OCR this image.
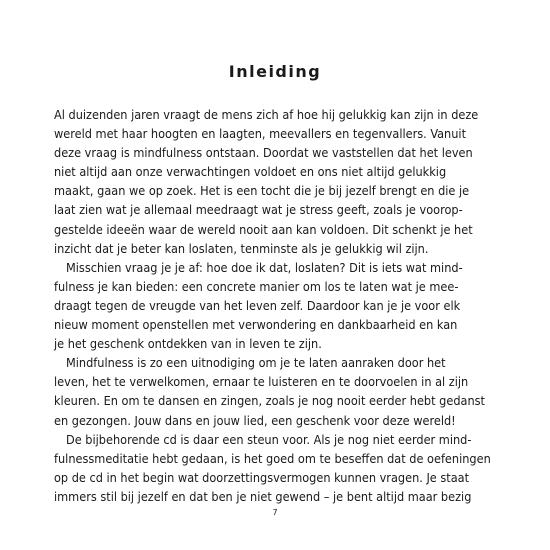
Inleiding
Al duizenden jaren vraagt de mens zich af hoe hij gelukkig kan zijn in deze
wereld met haar hoogten en laagten, meevallers en tegenvallers. Vanuit
deze vraag is mindfulness ontstaan. Doordat we vaststellen dat het leven
niet altijd aan onze verwachtingen voldoet en ons niet altijd gelukkig
maakt, gaan we op zoek. Het is een tocht die je bij jezelf brengt en die je
laat zien wat je allemaal meedraagt wat je stress geeft, zoals je vooroр-
gestelde ideeën waar de wereld nooit aan kan voldoen. Dit schenkt je het
inzicht dat je beter kan loslaten, tenminste als je gelukkig wil zijn.
Misschien vraag je je af: hoe doe ik dat, loslaten? Dit is iets wat mind-
fulness je kan bieden: een concrete manier om los te laten wat je mee-
draagt tegen de vreugde van het leven zelf. Daardoor kan je je voor elk
nieuw moment openstellen met verwondering en dankbaarheid en kan
je het geschenk ontdekken van in leven te zijn.
Mindfulness is zo een uitnodiging om je te laten aanraken door het
leven, het te verwelkomen, ernaar te luisteren en te doorvoelen in al zijn
kleuren. En om te dansen en zingen, zoals je nog nooit eerder hebt gedanst
en gezongen. Jouw dans en jouw lied, een geschenk voor deze wereld!
De bijbehorende cd is daar een steun voor. Als je nog niet eerder mind-
fulnessmeditatie hebt gedaan, is het goed om te beseffen dat de oefeningen
op de cd in het begin wat doorzettingsvermogen kunnen vragen. Je staat
immers stil bij jezelf en dat ben je niet gewend – je bent altijd maar bezig
7
